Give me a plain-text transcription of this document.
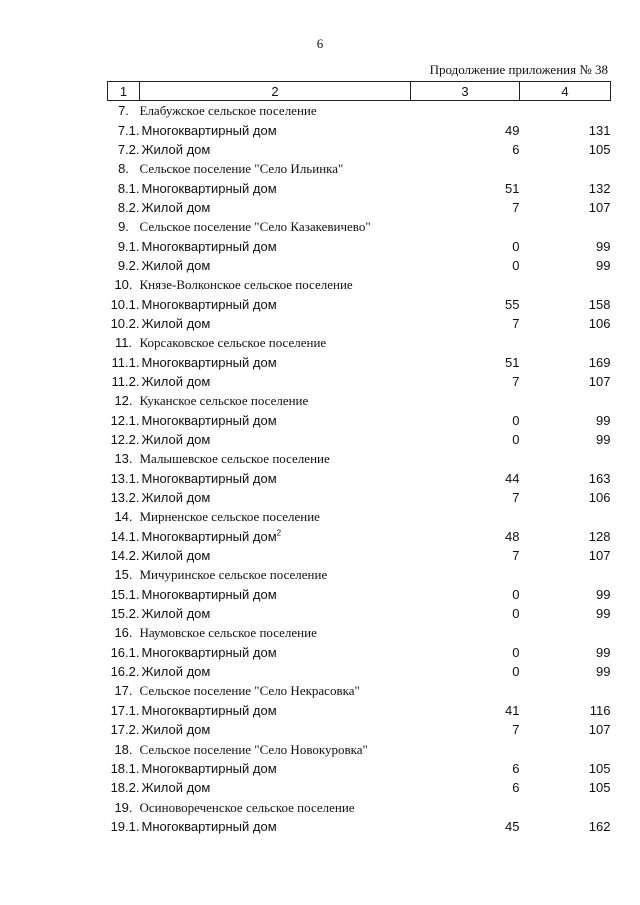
6
Продолжение приложения № 38
1	2	3	4
7.	Елабужское сельское поселение		
7.1.	Многоквартирный дом	49	131
7.2.	Жилой дом	6	105
8.	Сельское поселение "Село Ильинка"		
8.1.	Многоквартирный дом	51	132
8.2.	Жилой дом	7	107
9.	Сельское поселение "Село Казакевичево"		
9.1.	Многоквартирный дом	0	99
9.2.	Жилой дом	0	99
10.	Князе-Волконское сельское поселение		
10.1.	Многоквартирный дом	55	158
10.2.	Жилой дом	7	106
11.	Корсаковское сельское поселение		
11.1.	Многоквартирный дом	51	169
11.2.	Жилой дом	7	107
12.	Куканское сельское поселение		
12.1.	Многоквартирный дом	0	99
12.2.	Жилой дом	0	99
13.	Малышевское сельское поселение		
13.1.	Многоквартирный дом	44	163
13.2.	Жилой дом	7	106
14.	Мирненское сельское поселение		
14.1.	Многоквартирный дом$^2$	48	128
14.2.	Жилой дом	7	107
15.	Мичуринское сельское поселение		
15.1.	Многоквартирный дом	0	99
15.2.	Жилой дом	0	99
16.	Наумовское сельское поселение		
16.1.	Многоквартирный дом	0	99
16.2.	Жилой дом	0	99
17.	Сельское поселение "Село Некрасовка"		
17.1.	Многоквартирный дом	41	116
17.2.	Жилой дом	7	107
18.	Сельское поселение "Село Новокуровка"		
18.1.	Многоквартирный дом	6	105
18.2.	Жилой дом	6	105
19.	Осиновореченское сельское поселение		
19.1.	Многоквартирный дом	45	162
